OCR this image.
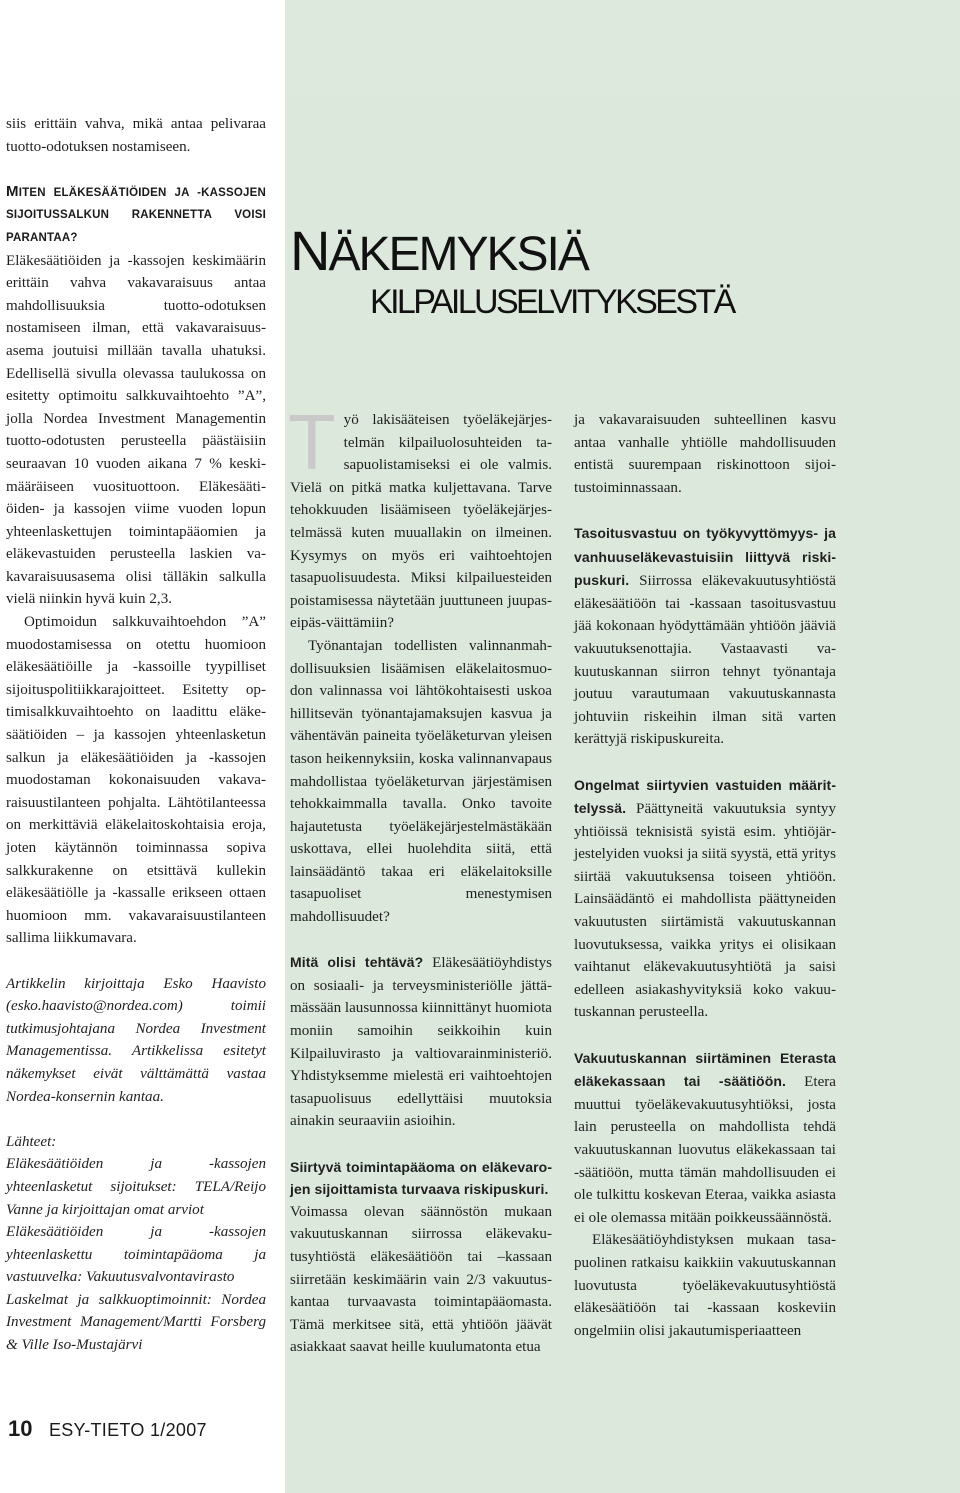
siis erittäin vahva, mikä antaa pelivaraa tuotto-odotuksen nostamiseen.

MITEN ELÄKESÄÄTIÖIDEN JA -KASSOJEN SIJOITUSSALKUN RAKENNETTA VOISI PARANTAA?

Eläkesäätiöiden ja -kassojen keskimäärin erittäin vahva vakavaraisuus antaa mahdollisuuksia tuotto-odotuksen nostamiseen ilman, että vakavaraisuusasema joutuisi millään tavalla uhatuksi. Edellisellä sivulla olevassa taulukossa on esitetty optimoitu salkkuvaihtoehto ”A”, jolla Nordea Investment Managementin tuotto-odotusten perusteella päästäisiin seuraavan 10 vuoden aikana 7 % keskimääräiseen vuosituottoon. Eläkesäätiöiden- ja kassojen viime vuoden lopun yhteenlaskettujen toimintapääomien ja eläkevastuiden perusteella laskien vakavaraisuusasema olisi tälläkin salkulla vielä niinkin hyvä kuin 2,3.

Optimoidun salkkuvaihtoehdon ”A” muodostamisessa on otettu huomioon eläkesäätiöille ja -kassoille tyypilliset sijoituspolitiikkarajoitteet. Esitetty optimisalkkuvaihtoehto on laadittu eläkesäätiöiden – ja kassojen yhteenlasketun salkun ja eläkesäätiöiden ja -kassojen muodostaman kokonaisuuden vakavaraisuustilanteen pohjalta. Lähtötilanteessa on merkittäviä eläkelaitoskohtaisia eroja, joten käytännön toiminnassa sopiva salkkurakenne on etsittävä kullekin eläkesäätiölle ja -kassalle erikseen ottaen huomioon mm. vakavaraisuustilanteen sallima liikkumavara.

Artikkelin kirjoittaja Esko Haavisto (esko.haavisto@nordea.com) toimii tutkimusjohtajana Nordea Investment Managementissa. Artikkelissa esitetyt näkemykset eivät välttämättä vastaa Nordea-konsernin kantaa.

Lähteet:

Eläkesäätiöiden ja -kassojen yhteenlasketut sijoitukset: TELA/Reijo Vanne ja kirjoittajan omat arviot

Eläkesäätiöiden ja -kassojen yhteenlaskettu toimintapääoma ja vastuuvelka: Vakuutusvalvontavirasto

Laskelmat ja salkkuoptimoinnit: Nordea Investment Management/Martti Forsberg & Ville Iso-Mustajärvi

NÄKEMYKSIÄ
KILPAILUSELVITYKSESTÄ

Työ lakisääteisen työeläkejärjestelmän kilpailuolosuhteiden tasapuolistamiseksi ei ole valmis. Vielä on pitkä matka kuljettavana. Tarve tehokkuuden lisäämiseen työeläkejärjestelmässä kuten muuallakin on ilmeinen. Kysymys on myös eri vaihtoehtojen tasapuolisuudesta. Miksi kilpailuesteiden poistamisessa näytetään juuttuneen juupas-eipäs-väittämiin?

Työnantajan todellisten valinnanmahdollisuuksien lisäämisen eläkelaitosmuodon valinnassa voi lähtökohtaisesti uskoa hillitsevän työnantajamaksujen kasvua ja vähentävän paineita työeläketurvan yleisen tason heikennyksiin, koska valinnanvapaus mahdollistaa työeläketurvan järjestämisen tehokkaimmalla tavalla. Onko tavoite hajautetusta työeläkejärjestelmästäkään uskottava, ellei huolehdita siitä, että lainsäädäntö takaa eri eläkelaitoksille tasapuoliset menestymisen mahdollisuudet?

Mitä olisi tehtävä? Eläkesäätiöyhdistys on sosiaali- ja terveysministeriölle jättämässään lausunnossa kiinnittänyt huomiota moniin samoihin seikkoihin kuin Kilpailuvirasto ja valtiovarainministeriö. Yhdistyksemme mielestä eri vaihtoehtojen tasapuolisuus edellyttäisi muutoksia ainakin seuraaviin asioihin.

Siirtyvä toimintapääoma on eläkevarojen sijoittamista turvaava riskipuskuri.

Voimassa olevan säännöstön mukaan vakuutuskannan siirrossa eläkevakutusyhtiöstä eläkesäätiöön tai –kassaan siirretään keskimäärin vain 2/3 vakuutuskantaa turvaavasta toimintapääomasta. Tämä merkitsee sitä, että yhtiöön jäävät asiakkaat saavat heille kuulumatonta etua

ja vakavaraisuuden suhteellinen kasvu antaa vanhalle yhtiölle mahdollisuuden entistä suurempaan riskinottoon sijoitustoiminnassaan.

Tasoitusvastuu on työkyvyttömyys- ja vanhuuseläkevastuisiin liittyvä riskipuskuri. Siirrossa eläkevakuutusyhtiöstä eläkesäätiöön tai -kassaan tasoitusvastuu jää kokonaan hyödyttämään yhtiöön jääviä vakuutuksenottajia. Vastaavasti vakuutuskannan siirron tehnyt työnantaja joutuu varautumaan vakuutuskannasta johtuviin riskeihin ilman sitä varten kerättyjä riskipuskureita.

Ongelmat siirtyvien vastuiden määrittelyssä. Päättyneitä vakuutuksia syntyy yhtiöissä teknisistä syistä esim. yhtiöjärjestelyiden vuoksi ja siitä syystä, että yritys siirtää vakuutuksensa toiseen yhtiöön. Lainsäädäntö ei mahdollista päättyneiden vakuutusten siirtämistä vakuutuskannan luovutuksessa, vaikka yritys ei olisikaan vaihtanut eläkevakuutusyhtiötä ja saisi edelleen asiakashyvityksiä koko vakuutuskannan perusteella.

Vakuutuskannan siirtäminen Eterasta eläkekassaan tai -säätiöön. Etera muuttui työeläkevakuutusyhtiöksi, josta lain perusteella on mahdollista tehdä vakuutuskannan luovutus eläkekassaan tai -säätiöön, mutta tämän mahdollisuuden ei ole tulkittu koskevan Eteraa, vaikka asiasta ei ole olemassa mitään poikkeussäännöstä.

Eläkesäätiöyhdistyksen mukaan tasapuolinen ratkaisu kaikkiin vakuutuskannan luovutusta työeläkevakuutusyhtiöstä eläkesäätiöön tai -kassaan koskeviin ongelmiin olisi jakautumisperiaatteen

10 ESY-TIETO 1/2007
